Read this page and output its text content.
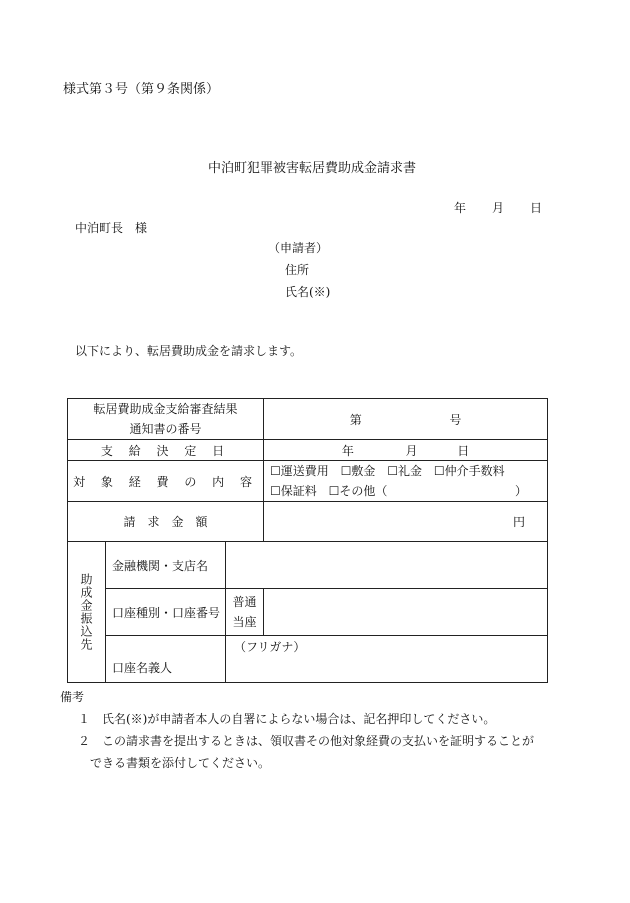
様式第３号（第９条関係）
中泊町犯罪被害転居費助成金請求書
年 月 日
中泊町長　様
（申請者）
住所
氏名(※)
以下により、転居費助成金を請求します。
転居費助成金支給審査結果
通知書の番号			第 号
支 給 決 定 日			年 月 日
対 象 経 費 の 内 容			☐運送費用 ☐敷金 ☐礼金 ☐仲介手数料
☐保証料 ☐その他（ ）

請　求　金　額			円

助成金振込先	金融機関・支店名		
	口座種別・口座番号	普通
当座	

	口座名義人	（フリガナ）	
備考
１　氏名(※)が申請者本人の自署によらない場合は、記名押印してください。
２　この請求書を提出するときは、領収書その他対象経費の支払いを証明することが
できる書類を添付してください。
